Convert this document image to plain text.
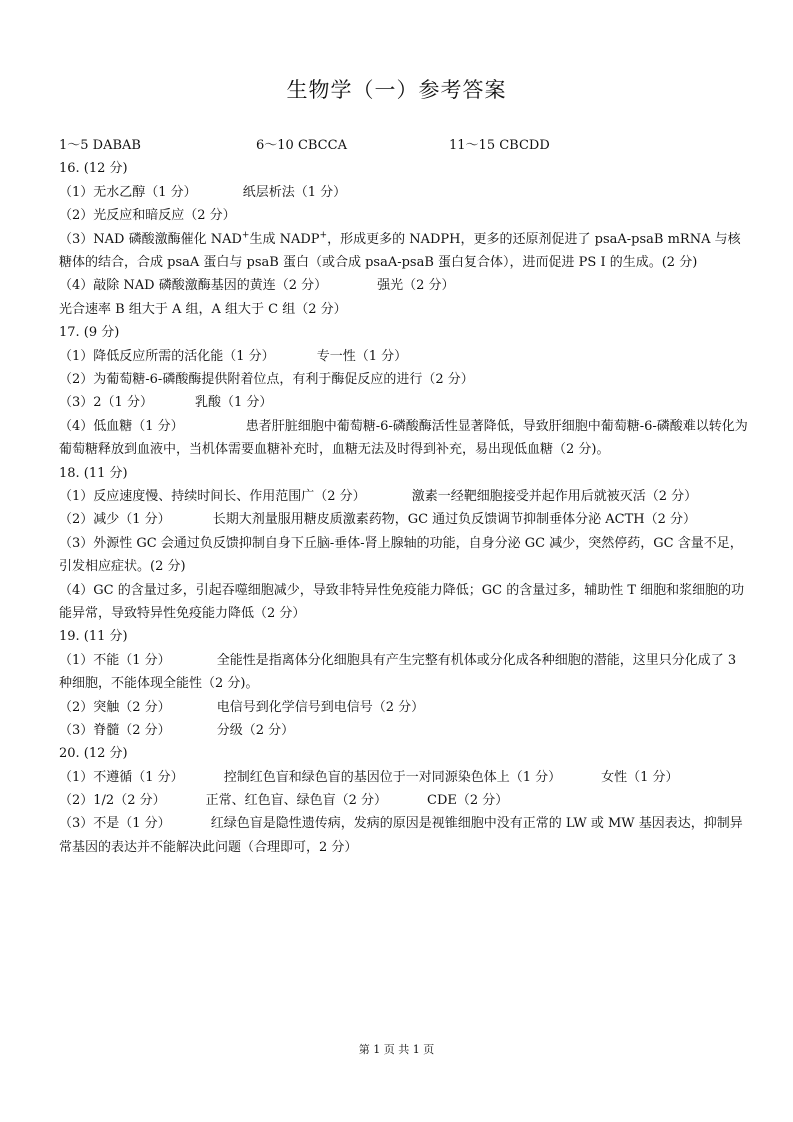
生物学（一）参考答案
1～5 DABAB	6～10 CBCCA	11～15 CBCDD
16. (12 分)
（1）无水乙醇（1 分）	纸层析法（1 分）
（2）光反应和暗反应（2 分）
（3）NAD 磷酸激酶催化 NAD+生成 NADP+，形成更多的 NADPH，更多的还原剂促进了 psaA-psaB mRNA 与核糖体的结合，合成 psaA 蛋白与 psaB 蛋白（或合成 psaA-psaB 蛋白复合体），进而促进 PS Ⅰ 的生成。(2 分)
（4）敲除 NAD 磷酸激酶基因的黄连（2 分）	强光（2 分）
光合速率 B 组大于 A 组，A 组大于 C 组（2 分）
17. (9 分)
（1）降低反应所需的活化能（1 分）	专一性（1 分）
（2）为葡萄糖-6-磷酸酶提供附着位点，有利于酶促反应的进行（2 分）
（3）2（1 分）	乳酸（1 分）
（4）低血糖（1 分）	患者肝脏细胞中葡萄糖-6-磷酸酶活性显著降低，导致肝细胞中葡萄糖-6-磷酸难以转化为葡萄糖释放到血液中，当机体需要血糖补充时，血糖无法及时得到补充，易出现低血糖（2 分)。
18. (11 分)
（1）反应速度慢、持续时间长、作用范围广（2 分）	激素一经靶细胞接受并起作用后就被灭活（2 分）
（2）减少（1 分）	长期大剂量服用糖皮质激素药物，GC 通过负反馈调节抑制垂体分泌 ACTH（2 分）
（3）外源性 GC 会通过负反馈抑制自身下丘脑-垂体-肾上腺轴的功能，自身分泌 GC 减少，突然停药，GC 含量不足，引发相应症状。(2 分)
（4）GC 的含量过多，引起吞噬细胞减少，导致非特异性免疫能力降低；GC 的含量过多，辅助性 T 细胞和浆细胞的功能异常，导致特异性免疫能力降低（2 分）
19. (11 分)
（1）不能（1 分）	全能性是指离体分化细胞具有产生完整有机体或分化成各种细胞的潜能，这里只分化成了 3 种细胞，不能体现全能性（2 分)。
（2）突触（2 分）	电信号到化学信号到电信号（2 分）
（3）脊髓（2 分）	分级（2 分）
20. (12 分)
（1）不遵循（1 分）	控制红色盲和绿色盲的基因位于一对同源染色体上（1 分）	女性（1 分）
（2）1/2（2 分）	正常、红色盲、绿色盲（2 分）	CDE（2 分）
（3）不是（1 分）	红绿色盲是隐性遗传病，发病的原因是视锥细胞中没有正常的 LW 或 MW 基因表达，抑制异常基因的表达并不能解决此问题（合理即可，2 分）
第 1 页 共 1 页
